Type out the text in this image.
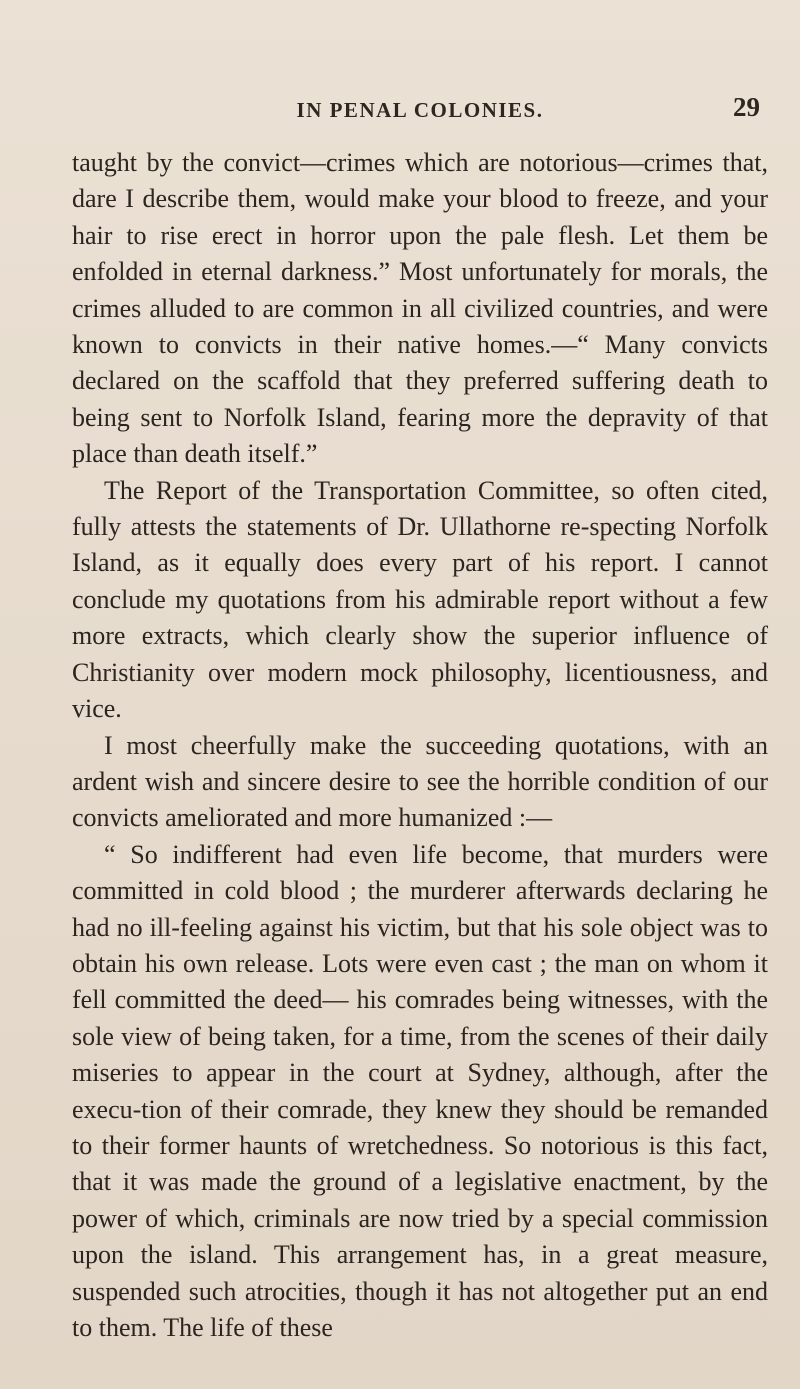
IN PENAL COLONIES.	29

taught by the convict—crimes which are notorious—crimes that, dare I describe them, would make your blood to freeze, and your hair to rise erect in horror upon the pale flesh. Let them be enfolded in eternal darkness.” Most unfortunately for morals, the crimes alluded to are common in all civilized countries, and were known to convicts in their native homes.—“ Many convicts declared on the scaffold that they preferred suffering death to being sent to Norfolk Island, fearing more the depravity of that place than death itself.”

The Report of the Transportation Committee, so often cited, fully attests the statements of Dr. Ullathorne re-specting Norfolk Island, as it equally does every part of his report. I cannot conclude my quotations from his admirable report without a few more extracts, which clearly show the superior influence of Christianity over modern mock philosophy, licentiousness, and vice.

I most cheerfully make the succeeding quotations, with an ardent wish and sincere desire to see the horrible condition of our convicts ameliorated and more humanized :—

“ So indifferent had even life become, that murders were committed in cold blood ; the murderer afterwards declaring he had no ill-feeling against his victim, but that his sole object was to obtain his own release. Lots were even cast ; the man on whom it fell committed the deed— his comrades being witnesses, with the sole view of being taken, for a time, from the scenes of their daily miseries to appear in the court at Sydney, although, after the execu-tion of their comrade, they knew they should be remanded to their former haunts of wretchedness. So notorious is this fact, that it was made the ground of a legislative enactment, by the power of which, criminals are now tried by a special commission upon the island. This arrangement has, in a great measure, suspended such atrocities, though it has not altogether put an end to them. The life of these
